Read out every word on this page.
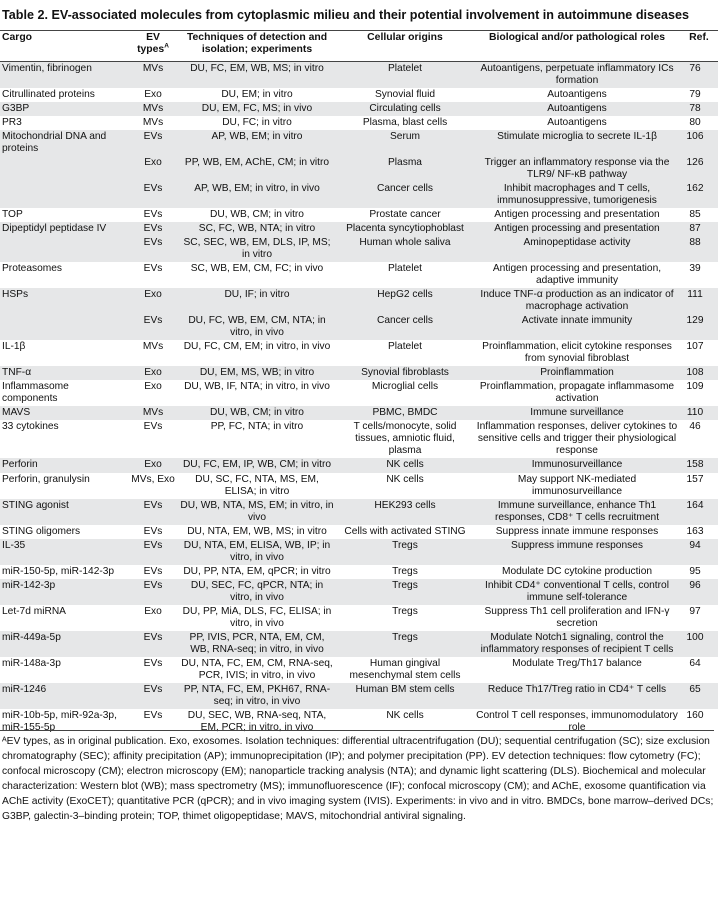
Table 2. EV-associated molecules from cytoplasmic milieu and their potential involvement in autoimmune diseases
Cargo	EV types$^A$	Techniques of detection and isolation; experiments	Cellular origins	Biological and/or pathological roles	Ref.
Vimentin, fibrinogen	MVs	DU, FC, EM, WB, MS; in vitro	Platelet	Autoantigens, perpetuate inflammatory ICs formation	76
Citrullinated proteins	Exo	DU, EM; in vitro	Synovial fluid	Autoantigens	79
G3BP	MVs	DU, EM, FC, MS; in vivo	Circulating cells	Autoantigens	78
PR3	MVs	DU, FC; in vitro	Plasma, blast cells	Autoantigens	80
Mitochondrial DNA and proteins	EVs	AP, WB, EM; in vitro	Serum	Stimulate microglia to secrete IL-1β	106
	Exo	PP, WB, EM, AChE, CM; in vitro	Plasma	Trigger an inflammatory response via the TLR9/ NF-κB pathway	126
	EVs	AP, WB, EM; in vitro, in vivo	Cancer cells	Inhibit macrophages and T cells, immunosuppressive, tumorigenesis	162
TOP	EVs	DU, WB, CM; in vitro	Prostate cancer	Antigen processing and presentation	85
Dipeptidyl peptidase IV	EVs	SC, FC, WB, NTA; in vitro	Placenta syncytiophoblast	Antigen processing and presentation	87
	EVs	SC, SEC, WB, EM, DLS, IP, MS; in vitro	Human whole saliva	Aminopeptidase activity	88
Proteasomes	EVs	SC, WB, EM, CM, FC; in vivo	Platelet	Antigen processing and presentation, adaptive immunity	39
HSPs	Exo	DU, IF; in vitro	HepG2 cells	Induce TNF-α production as an indicator of macrophage activation	111
	EVs	DU, FC, WB, EM, CM, NTA; in vitro, in vivo	Cancer cells	Activate innate immunity	129
IL-1β	MVs	DU, FC, CM, EM; in vitro, in vivo	Platelet	Proinflammation, elicit cytokine responses from synovial fibroblast	107
TNF-α	Exo	DU, EM, MS, WB; in vitro	Synovial fibroblasts	Proinflammation	108
Inflammasome components	Exo	DU, WB, IF, NTA; in vitro, in vivo	Microglial cells	Proinflammation, propagate inflammasome activation	109
MAVS	MVs	DU, WB, CM; in vitro	PBMC, BMDC	Immune surveillance	110
33 cytokines	EVs	PP, FC, NTA; in vitro	T cells/monocyte, solid tissues, amniotic fluid, plasma	Inflammation responses, deliver cytokines to sensitive cells and trigger their physiological response	46
Perforin	Exo	DU, FC, EM, IP, WB, CM; in vitro	NK cells	Immunosurveillance	158
Perforin, granulysin	MVs, Exo	DU, SC, FC, NTA, MS, EM, ELISA; in vitro	NK cells	May support NK-mediated immunosurveillance	157
STING agonist	EVs	DU, WB, NTA, MS, EM; in vitro, in vivo	HEK293 cells	Immune surveillance, enhance Th1 responses, CD8⁺ T cells recruitment	164
STING oligomers	EVs	DU, NTA, EM, WB, MS; in vitro	Cells with activated STING	Suppress innate immune responses	163
IL-35	EVs	DU, NTA, EM, ELISA, WB, IP; in vitro, in vivo	Tregs	Suppress immune responses	94
miR-150-5p, miR-142-3p	EVs	DU, PP, NTA, EM, qPCR; in vitro	Tregs	Modulate DC cytokine production	95
miR-142-3p	EVs	DU, SEC, FC, qPCR, NTA; in vitro, in vivo	Tregs	Inhibit CD4⁺ conventional T cells, control immune self-tolerance	96
Let-7d miRNA	Exo	DU, PP, MiA, DLS, FC, ELISA; in vitro, in vivo	Tregs	Suppress Th1 cell proliferation and IFN-γ secretion	97
miR-449a-5p	EVs	PP, IVIS, PCR, NTA, EM, CM, WB, RNA-seq; in vitro, in vivo	Tregs	Modulate Notch1 signaling, control the inflammatory responses of recipient T cells	100
miR-148a-3p	EVs	DU, NTA, FC, EM, CM, RNA-seq, PCR, IVIS; in vitro, in vivo	Human gingival mesenchymal stem cells	Modulate Treg/Th17 balance	64
miR-1246	EVs	PP, NTA, FC, EM, PKH67, RNA-seq; in vitro, in vivo	Human BM stem cells	Reduce Th17/Treg ratio in CD4⁺ T cells	65
miR-10b-5p, miR-92a-3p, miR-155-5p	EVs	DU, SEC, WB, RNA-seq, NTA, EM, PCR; in vitro, in vivo	NK cells	Control T cell responses, immunomodulatory role	160
ᴬEV types, as in original publication. Exo, exosomes. Isolation techniques: differential ultracentrifugation (DU); sequential centrifugation (SC); size exclusion chromatography (SEC); affinity precipitation (AP); immunoprecipitation (IP); and polymer precipitation (PP). EV detection techniques: flow cytometry (FC); confocal microscopy (CM); electron microscopy (EM); nanoparticle tracking analysis (NTA); and dynamic light scattering (DLS). Biochemical and molecular characterization: Western blot (WB); mass spectrometry (MS); immunofluorescence (IF); confocal microscopy (CM); and AChE, exosome quantification via AChE activity (ExoCET); quantitative PCR (qPCR); and in vivo imaging system (IVIS). Experiments: in vivo and in vitro. BMDCs, bone marrow–derived DCs; G3BP, galectin-3–binding protein; TOP, thimet oligopeptidase; MAVS, mitochondrial antiviral signaling.
